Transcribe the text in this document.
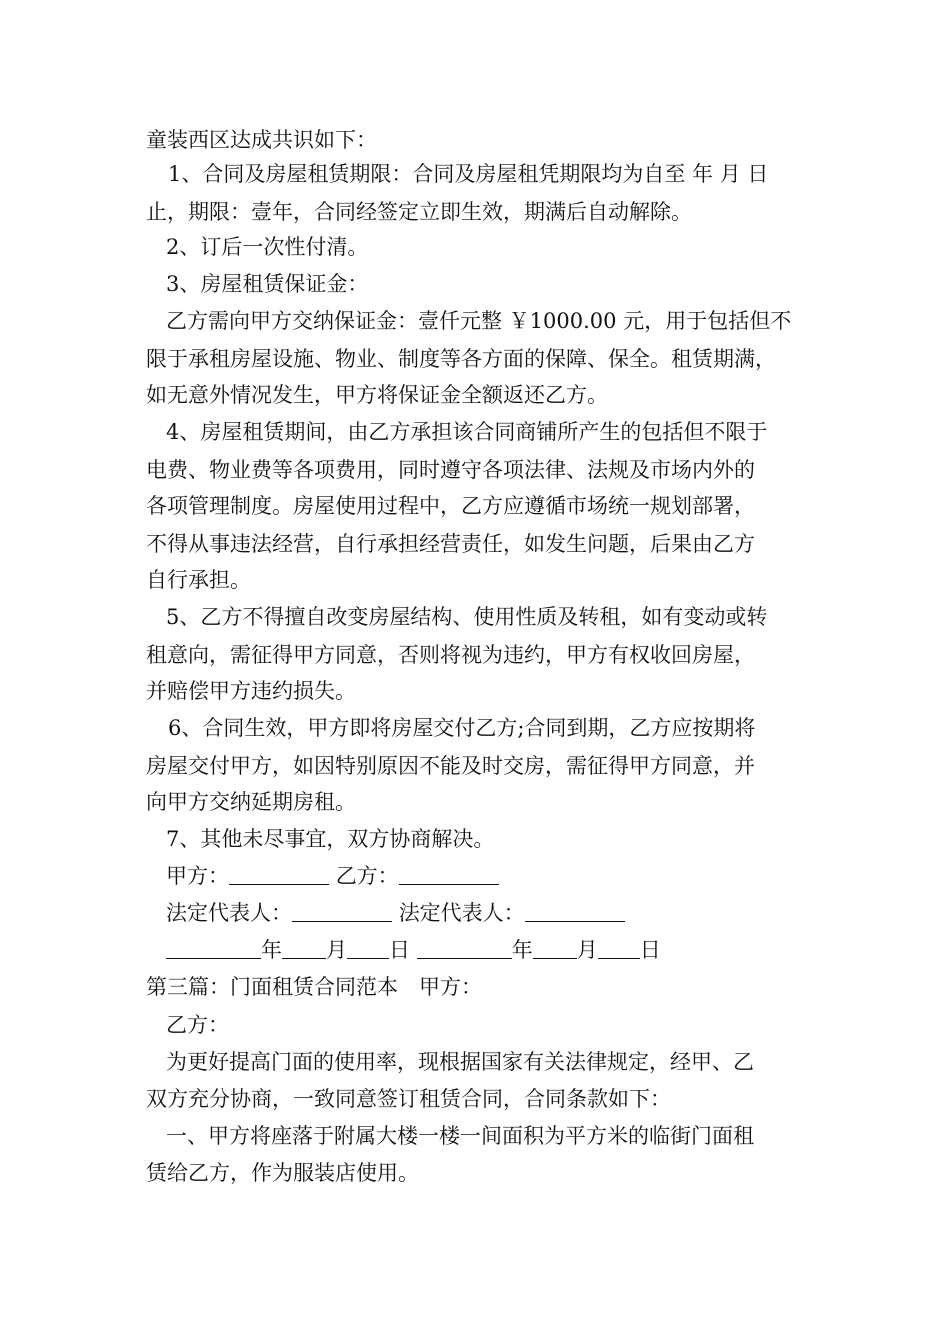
童装西区达成共识如下：
1、合同及房屋租赁期限：合同及房屋租凭期限均为自至 年 月 日
止，期限：壹年，合同经签定立即生效，期满后自动解除。
2、订后一次性付清。
3、房屋租赁保证金：
乙方需向甲方交纳保证金：壹仟元整 ￥1000.00 元，用于包括但不
限于承租房屋设施、物业、制度等各方面的保障、保全。租赁期满，
如无意外情况发生，甲方将保证金全额返还乙方。
4、房屋租赁期间，由乙方承担该合同商铺所产生的包括但不限于
电费、物业费等各项费用，同时遵守各项法律、法规及市场内外的
各项管理制度。房屋使用过程中，乙方应遵循市场统一规划部署，
不得从事违法经营，自行承担经营责任，如发生问题，后果由乙方
自行承担。
5、乙方不得擅自改变房屋结构、使用性质及转租，如有变动或转
租意向，需征得甲方同意，否则将视为违约，甲方有权收回房屋，
并赔偿甲方违约损失。
6、合同生效，甲方即将房屋交付乙方;合同到期，乙方应按期将
房屋交付甲方，如因特别原因不能及时交房，需征得甲方同意，并
向甲方交纳延期房租。
7、其他未尽事宜，双方协商解决。
甲方：	乙方：
法定代表人：	法定代表人：
年 月 日	年 月 日
第三篇：门面租赁合同范本　甲方：
乙方：
为更好提高门面的使用率，现根据国家有关法律规定，经甲、乙
双方充分协商，一致同意签订租赁合同，合同条款如下：
一、甲方将座落于附属大楼一楼一间面积为平方米的临街门面租
赁给乙方，作为服装店使用。
